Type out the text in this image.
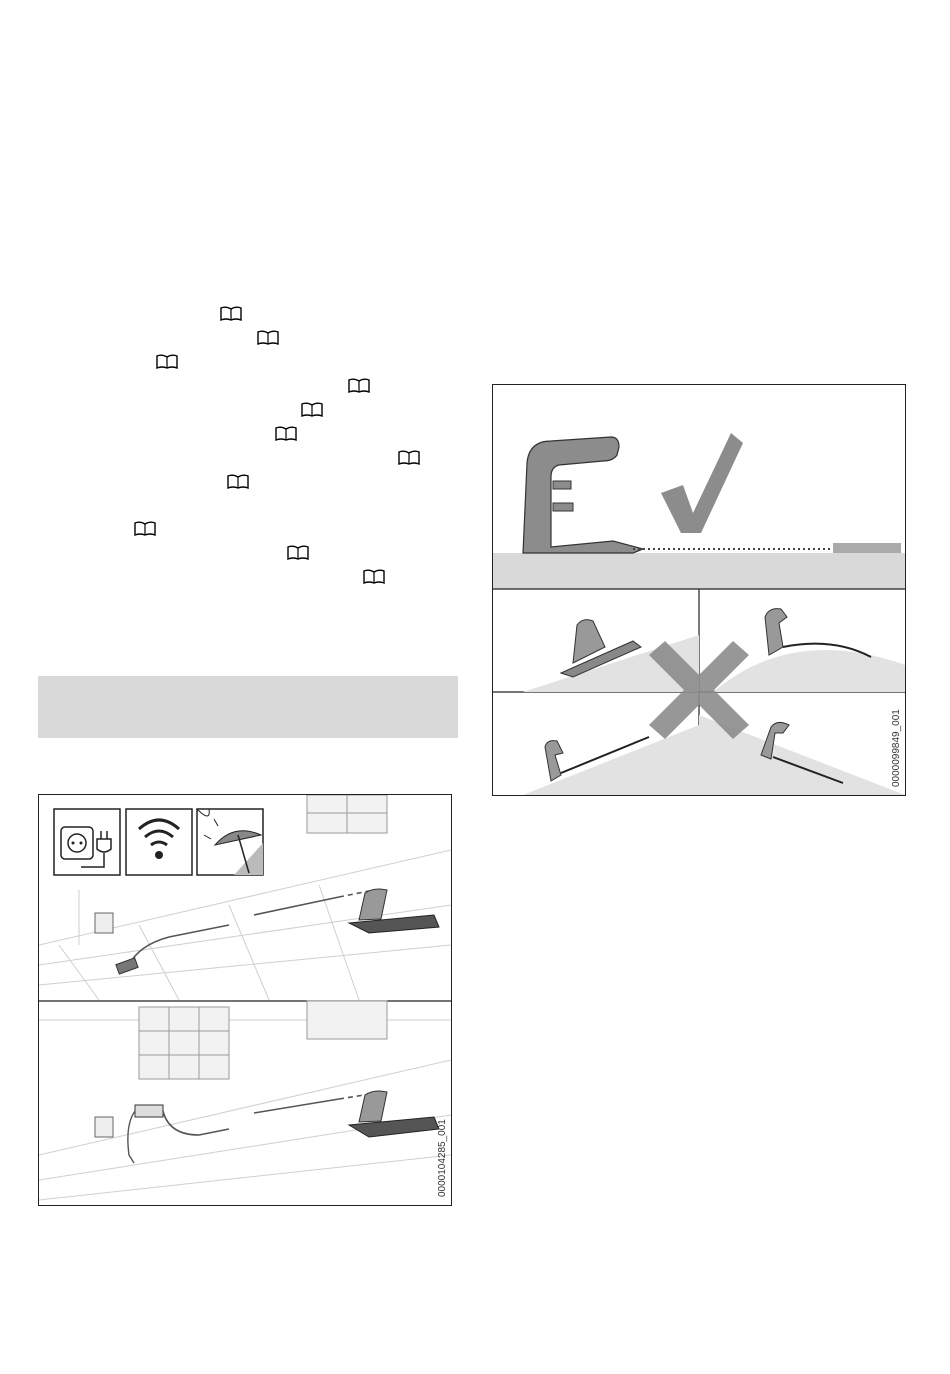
0000104285_001
0000099849_001
